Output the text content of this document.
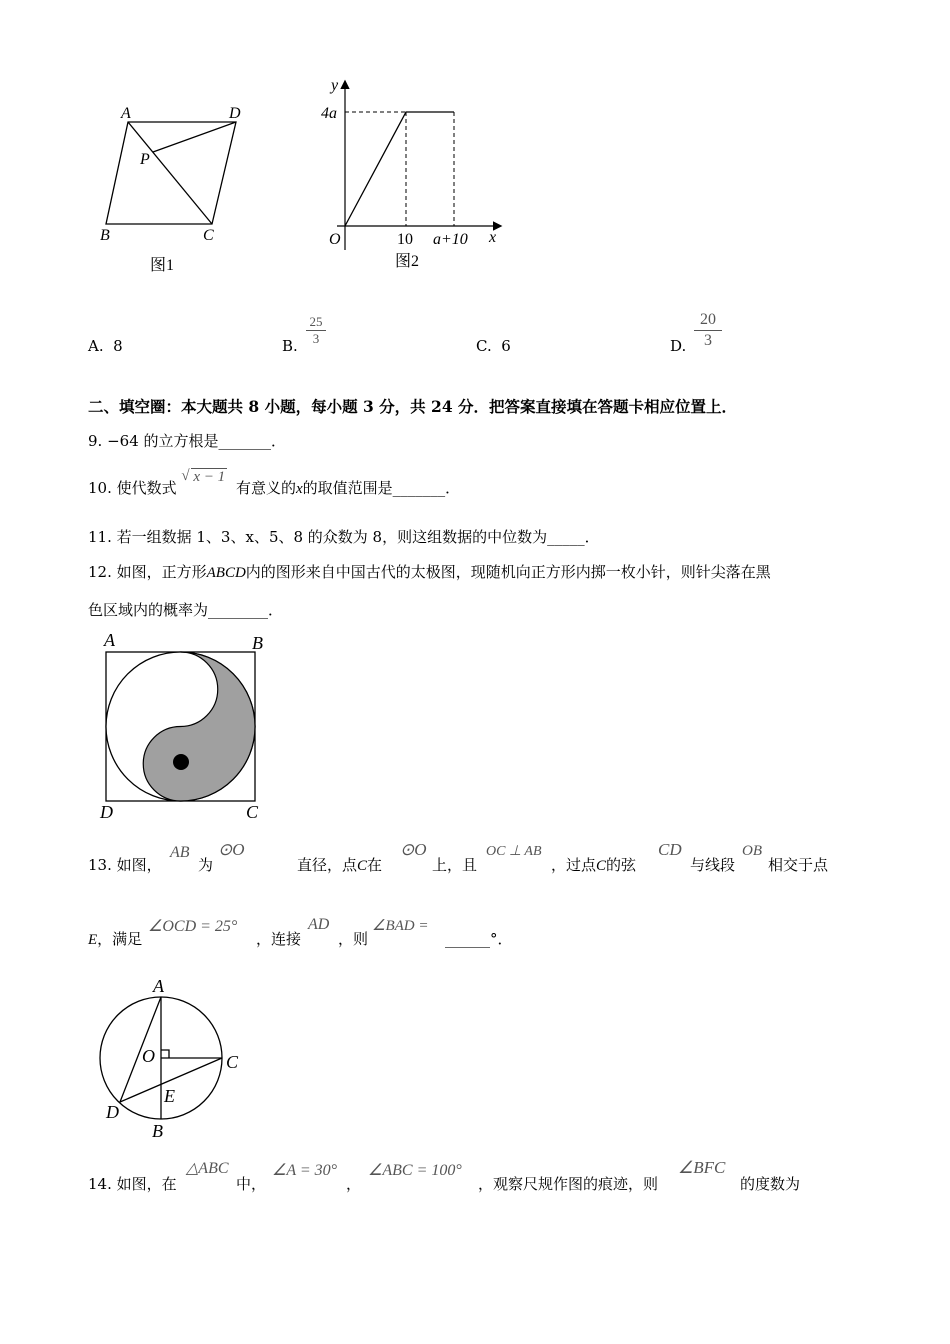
A	D
P
B	C
图1
y
4a
O	10 a+10 x
图2
A. 8	B. $\frac{25}{3}$	C. 6	D. $\frac{20}{3}$
二、填空圈：本大题共 8 小题，每小题 3 分，共 24 分．把答案直接填在答题卡相应位置上．
9. −64 的立方根是_______．
10. 使代数式
√ x − 1 有意义的x的取值范围是_______．
11. 若一组数据 1、3、x、5、8 的众数为 8，则这组数据的中位数为_____．
12. 如图，正方形ABCD内的图形来自中国古代的太极图，现随机向正方形内掷一枚小针，则针尖落在黑
色区域内的概率为________．
A	B
D	C
13. 如图，
AB
为
⊙O
直径，点C在
⊙O
上，且
OC ⊥ AB
，过点C的弦
CD
与线段
OB
相交于点
E，满足
∠OCD = 25°
，连接
AD
，则
∠BAD =
______°．
A
O	C
E
D
B
14. 如图，在
△ABC
中，
∠A = 30°
，
∠ABC = 100°
，观察尺规作图的痕迹，则
∠BFC
的度数为
